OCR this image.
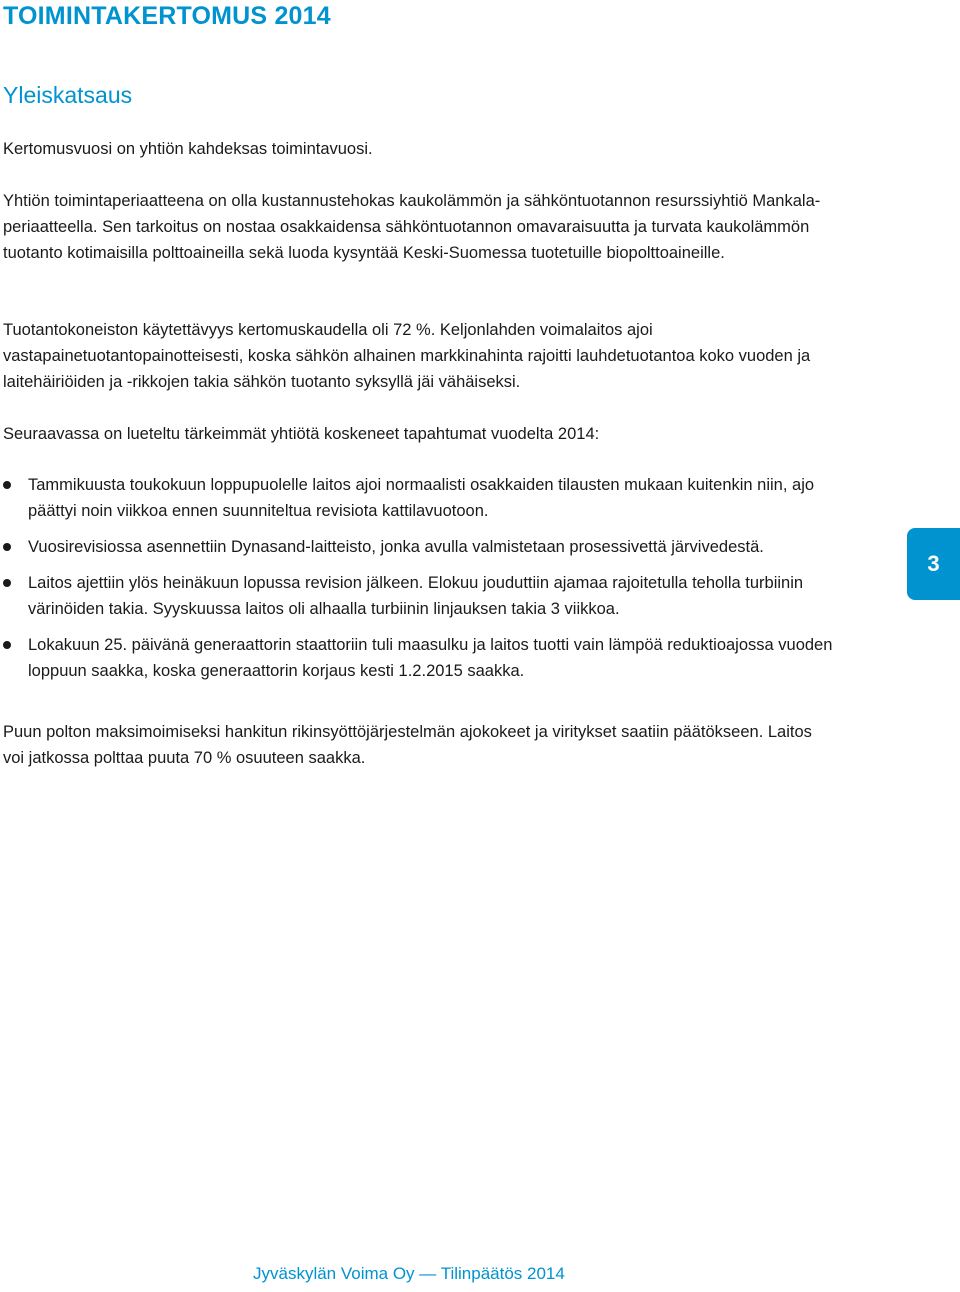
TOIMINTAKERTOMUS 2014
Yleiskatsaus

Kertomusvuosi on yhtiön kahdeksas toimintavuosi.

Yhtiön toimintaperiaatteena on olla kustannustehokas kaukolämmön ja sähköntuotannon resurssiyhtiö Mankala-periaatteella. Sen tarkoitus on nostaa osakkaidensa sähköntuotannon omavaraisuutta ja turvata kaukolämmön tuotanto kotimaisilla polttoaineilla sekä luoda kysyntää Keski-Suomessa tuotetuille biopolttoaineille.

Tuotantokoneiston käytettävyys kertomuskaudella oli 72 %. Keljonlahden voimalaitos ajoi vastapainetuotantopainotteisesti, koska sähkön alhainen markkinahinta rajoitti lauhdetuotantoa koko vuoden ja laitehäiriöiden ja -rikkojen takia sähkön tuotanto syksyllä jäi vähäiseksi.

Seuraavassa on lueteltu tärkeimmät yhtiötä koskeneet tapahtumat vuodelta 2014:

Tammikuusta toukokuun loppupuolelle laitos ajoi normaalisti osakkaiden tilausten mukaan kuitenkin niin, ajo päättyi noin viikkoa ennen suunniteltua revisiota kattilavuotoon.
Vuosirevisiossa asennettiin Dynasand-laitteisto, jonka avulla valmistetaan prosessivettä järvivedestä.
Laitos ajettiin ylös heinäkuun lopussa revision jälkeen. Elokuu jouduttiin ajamaa rajoitetulla teholla turbiinin värinöiden takia. Syyskuussa laitos oli alhaalla turbiinin linjauksen takia 3 viikkoa.
Lokakuun 25. päivänä generaattorin staattoriin tuli maasulku ja laitos tuotti vain lämpöä reduktioajossa vuoden loppuun saakka, koska generaattorin korjaus kesti 1.2.2015 saakka.

Puun polton maksimoimiseksi hankitun rikinsyöttöjärjestelmän ajokokeet ja viritykset saatiin päätökseen. Laitos voi jatkossa polttaa puuta 70 % osuuteen saakka.

3
Jyväskylän Voima Oy — Tilinpäätös 2014
